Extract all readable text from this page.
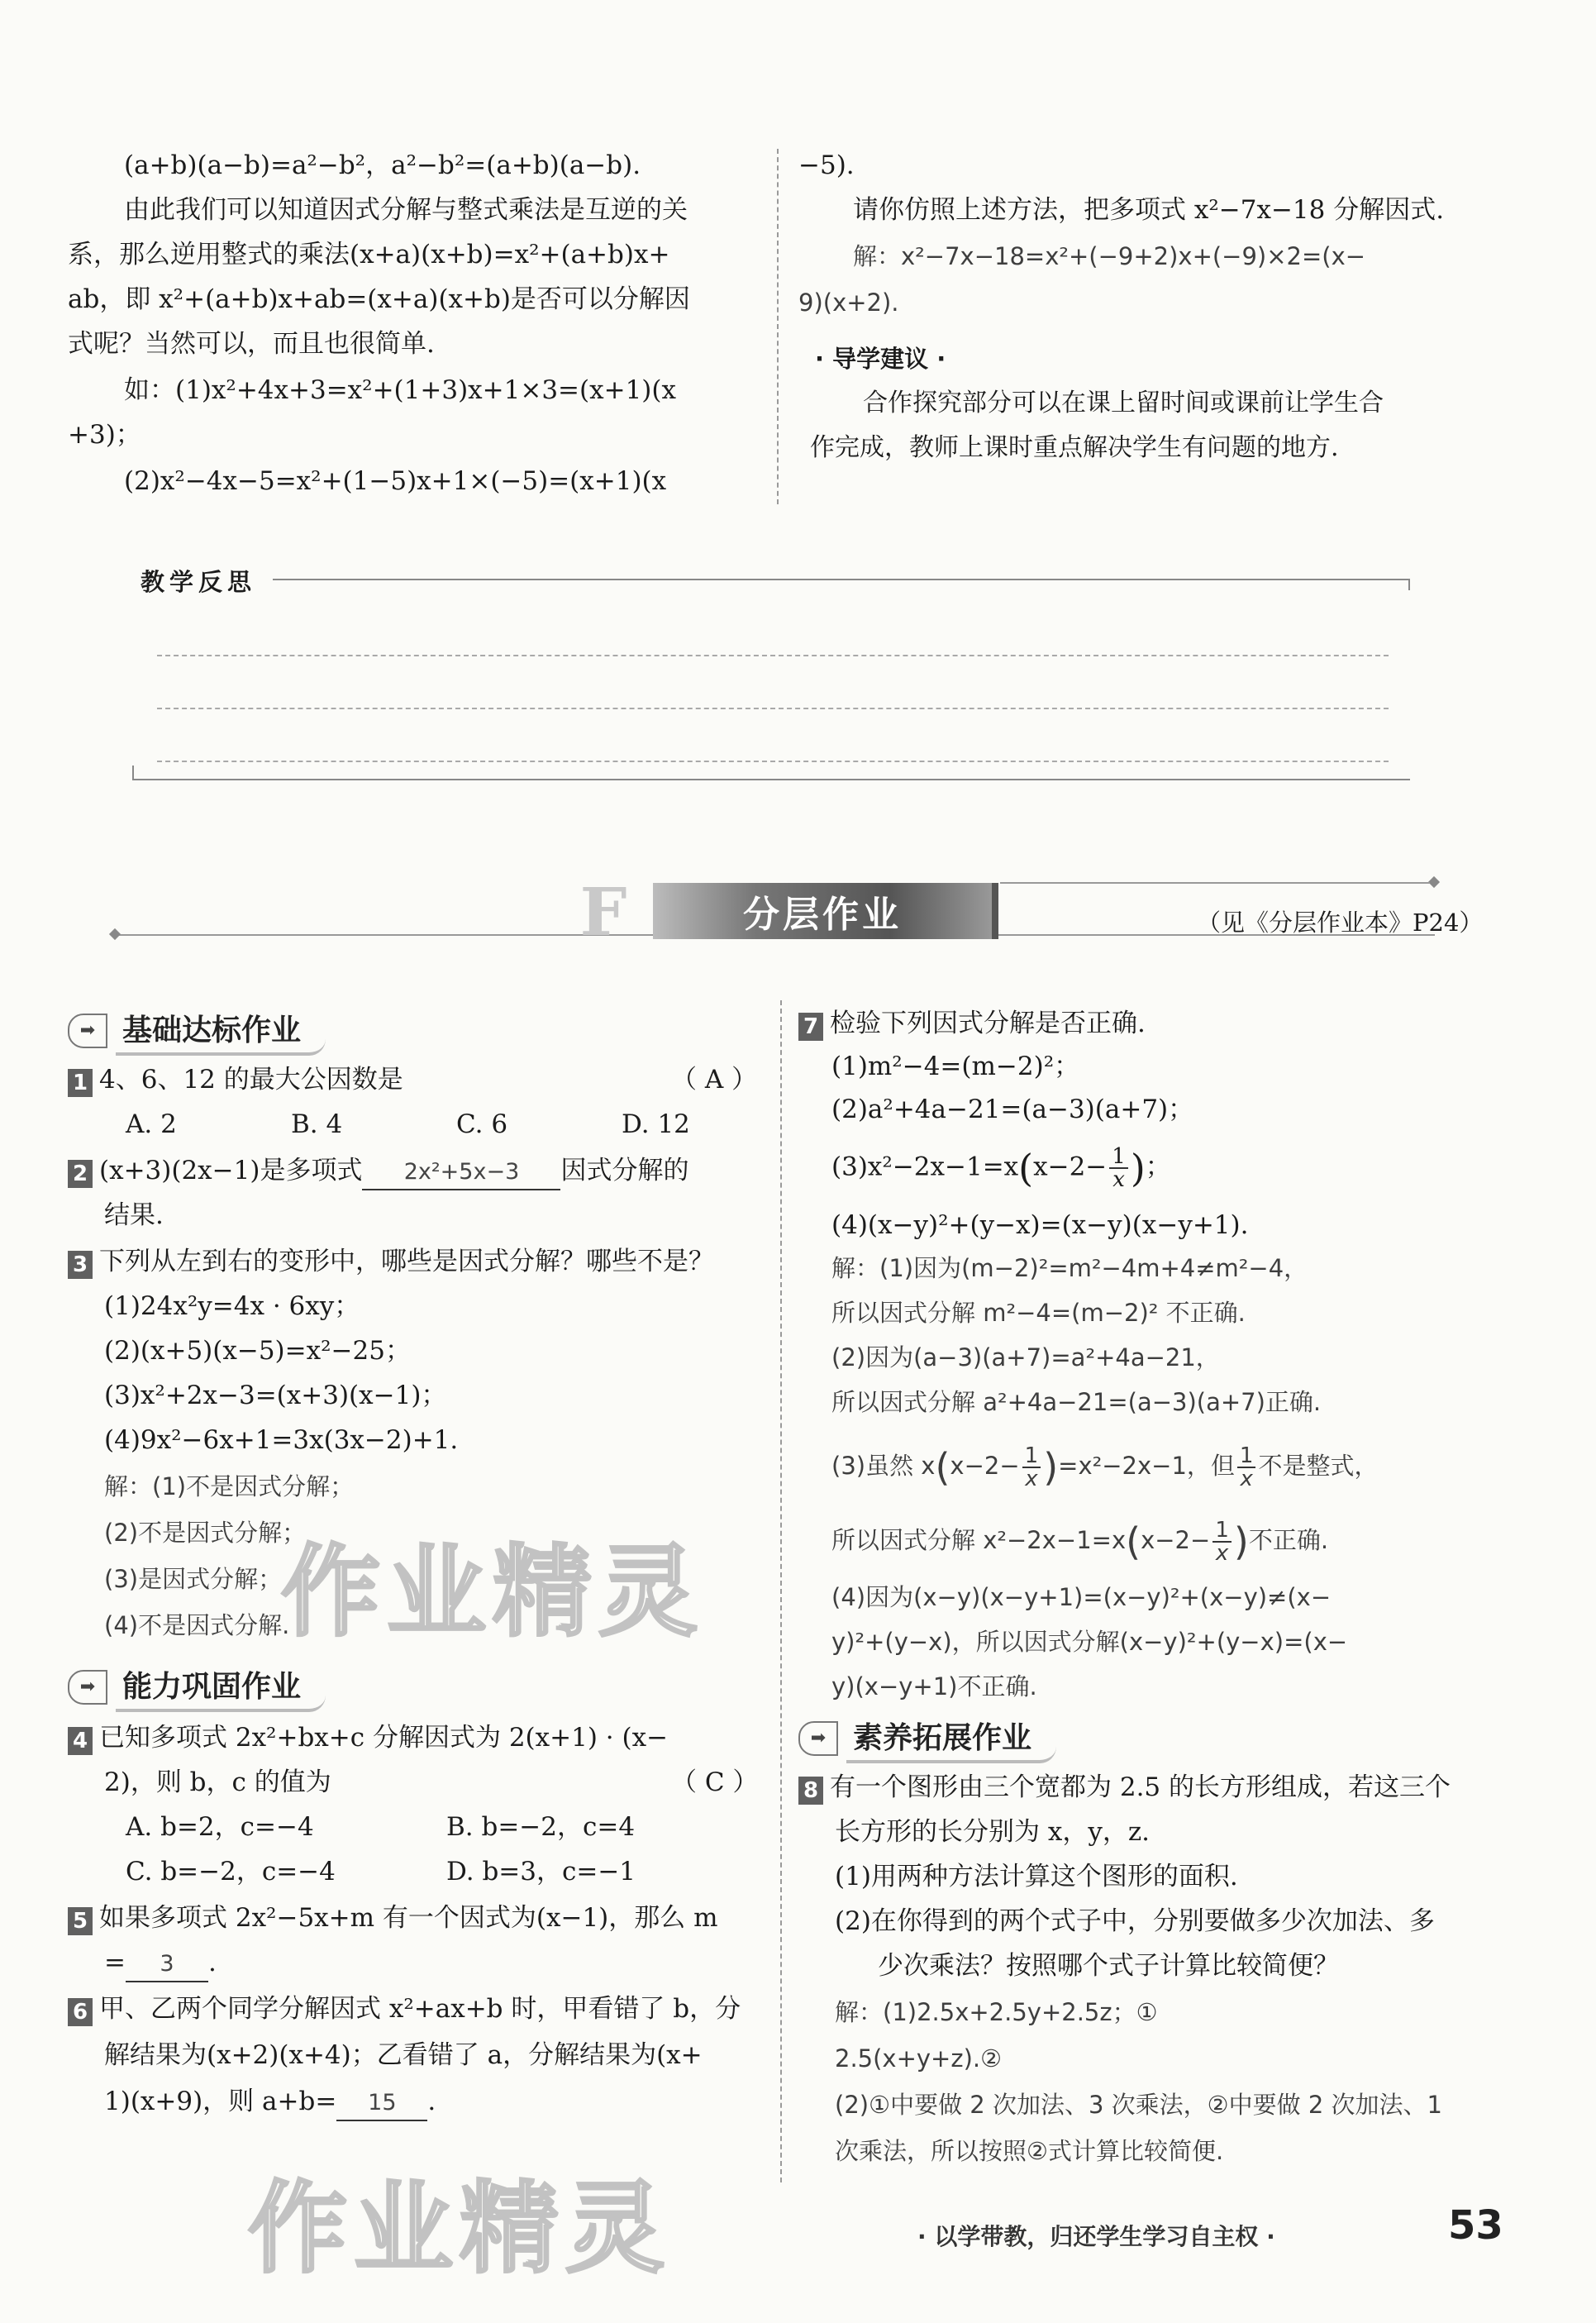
(a+b)(a−b)=a²−b²，a²−b²=(a+b)(a−b).
由此我们可以知道因式分解与整式乘法是互逆的关
系，那么逆用整式的乘法(x+a)(x+b)=x²+(a+b)x+
ab，即 x²+(a+b)x+ab=(x+a)(x+b)是否可以分解因
式呢？当然可以，而且也很简单.
如：(1)x²+4x+3=x²+(1+3)x+1×3=(x+1)(x
+3)；
(2)x²−4x−5=x²+(1−5)x+1×(−5)=(x+1)(x
−5).
请你仿照上述方法，把多项式 x²−7x−18 分解因式.
解：x²−7x−18=x²+(−9+2)x+(−9)×2=(x−
9)(x+2).
· 导学建议 ·
合作探究部分可以在课上留时间或课前让学生合
作完成，教师上课时重点解决学生有问题的地方.
教学反思
F	分层作业	（见《分层作业本》P24）
➡ 基础达标作业
1 4、6、12 的最大公因数是	（ A ）
A. 2	B. 4	C. 6	D. 12
2 (x+3)(2x−1)是多项式 2x²+5x−3 因式分解的
结果.
3 下列从左到右的变形中，哪些是因式分解？哪些不是？
(1)24x²y=4x · 6xy；
(2)(x+5)(x−5)=x²−25；
(3)x²+2x−3=(x+3)(x−1)；
(4)9x²−6x+1=3x(3x−2)+1.
解：(1)不是因式分解；
(2)不是因式分解；
(3)是因式分解；
(4)不是因式分解.
作业精灵
➡ 能力巩固作业
4 已知多项式 2x²+bx+c 分解因式为 2(x+1) · (x−
2)，则 b，c 的值为	（ C ）
A. b=2，c=−4	B. b=−2，c=4
C. b=−2，c=−4	D. b=3，c=−1
5 如果多项式 2x²−5x+m 有一个因式为(x−1)，那么 m
= 3 .
6 甲、乙两个同学分解因式 x²+ax+b 时，甲看错了 b，分
解结果为(x+2)(x+4)；乙看错了 a，分解结果为(x+
1)(x+9)，则 a+b= 15 .
作业精灵
7 检验下列因式分解是否正确.
(1)m²−4=(m−2)²；
(2)a²+4a−21=(a−3)(a+7)；
$(3)x^2-2x-1=x(x-2- \frac{1}{x}$ )；
(4)(x−y)²+(y−x)=(x−y)(x−y+1).
解：(1)因为(m−2)²=m²−4m+4≠m²−4，
所以因式分解 m²−4=(m−2)² 不正确.
(2)因为(a−3)(a+7)=a²+4a−21，
所以因式分解 a²+4a−21=(a−3)(a+7)正确.
(3)虽然 $x(x-2- \frac{1}{x} )=x^2-2x-1$，但 $\frac{1}{x}$ 不是整式，
所以因式分解 $x^2-2x-1=x(x-2- \frac{1}{x}$ )不正确.
(4)因为(x−y)(x−y+1)=(x−y)²+(x−y)≠(x−
y)²+(y−x)，所以因式分解(x−y)²+(y−x)=(x−
y)(x−y+1)不正确.
➡ 素养拓展作业
8 有一个图形由三个宽都为 2.5 的长方形组成，若这三个
长方形的长分别为 x，y，z.
(1)用两种方法计算这个图形的面积.
(2)在你得到的两个式子中，分别要做多少次加法、多
少次乘法？按照哪个式子计算比较简便？
解：(1)2.5x+2.5y+2.5z；①
2.5(x+y+z).②
(2)①中要做 2 次加法、3 次乘法，②中要做 2 次加法、1
次乘法，所以按照②式计算比较简便.
· 以学带教，归还学生学习自主权 ·	53
